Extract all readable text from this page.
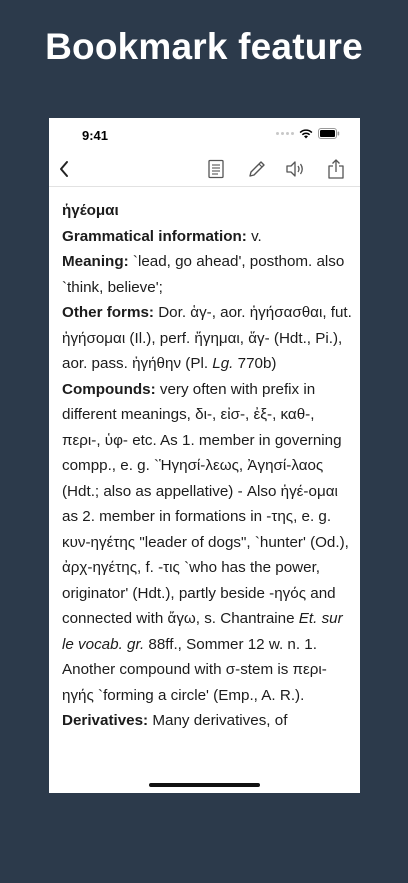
Bookmark feature
9:41
ἡγέομαι
Grammatical information: v.
Meaning: `lead, go ahead', posthom. also `think, believe';
Other forms: Dor. ἁγ-, aor. ἡγήσασθαι, fut. ἡγήσομαι (Il.), perf. ἥγημαι, ἅγ- (Hdt., Pi.), aor. pass. ἡγήθην (Pl. Lg. 770b)
Compounds: very often with prefix in different meanings, δι-, εἰσ-, ἐξ-, καθ-, περι-, ὑφ- etc. As 1. member in governing compp., e. g. `Ἡγησί-λεως, Ἀγησί-λαος (Hdt.; also as appellative) - Also ἡγέ-ομαι as 2. member in formations in -της, e. g. κυν-ηγέτης "leader of dogs", `hunter' (Od.), ἀρχ-ηγέτης, f. -τις `who has the power, originator' (Hdt.), partly beside -ηγός and connected with ἄγω, s. Chantraine Et. sur le vocab. gr. 88ff., Sommer 12 w. n. 1. Another compound with σ-stem is περι-ηγής `forming a circle' (Emp., A. R.).
Derivatives: Many derivatives, of
